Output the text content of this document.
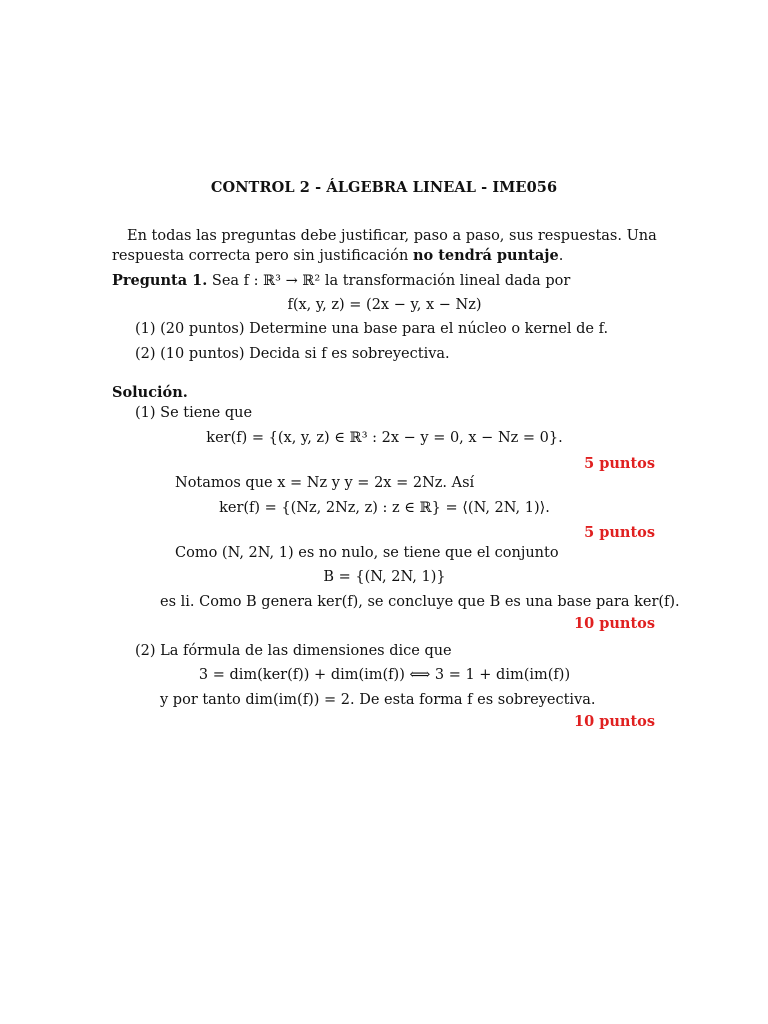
CONTROL 2 - ÁLGEBRA LINEAL - IME056
En todas las preguntas debe justificar, paso a paso, sus respuestas. Una respuesta correcta pero sin justificación no tendrá puntaje.
Pregunta 1. Sea f : ℝ³ → ℝ² la transformación lineal dada por
f(x, y, z) = (2x − y, x − Nz)
(1) (20 puntos) Determine una base para el núcleo o kernel de f.
(2) (10 puntos) Decida si f es sobreyectiva.
Solución.
(1) Se tiene que
ker(f) = {(x, y, z) ∈ ℝ³ : 2x − y = 0, x − Nz = 0}.
5 puntos
Notamos que x = Nz y y = 2x = 2Nz. Así
ker(f) = {(Nz, 2Nz, z) : z ∈ ℝ} = ⟨(N, 2N, 1)⟩.
5 puntos
Como (N, 2N, 1) es no nulo, se tiene que el conjunto
B = {(N, 2N, 1)}
es li. Como B genera ker(f), se concluye que B es una base para ker(f).
10 puntos
(2) La fórmula de las dimensiones dice que
3 = dim(ker(f)) + dim(im(f)) ⟺ 3 = 1 + dim(im(f))
y por tanto dim(im(f)) = 2. De esta forma f es sobreyectiva.
10 puntos
